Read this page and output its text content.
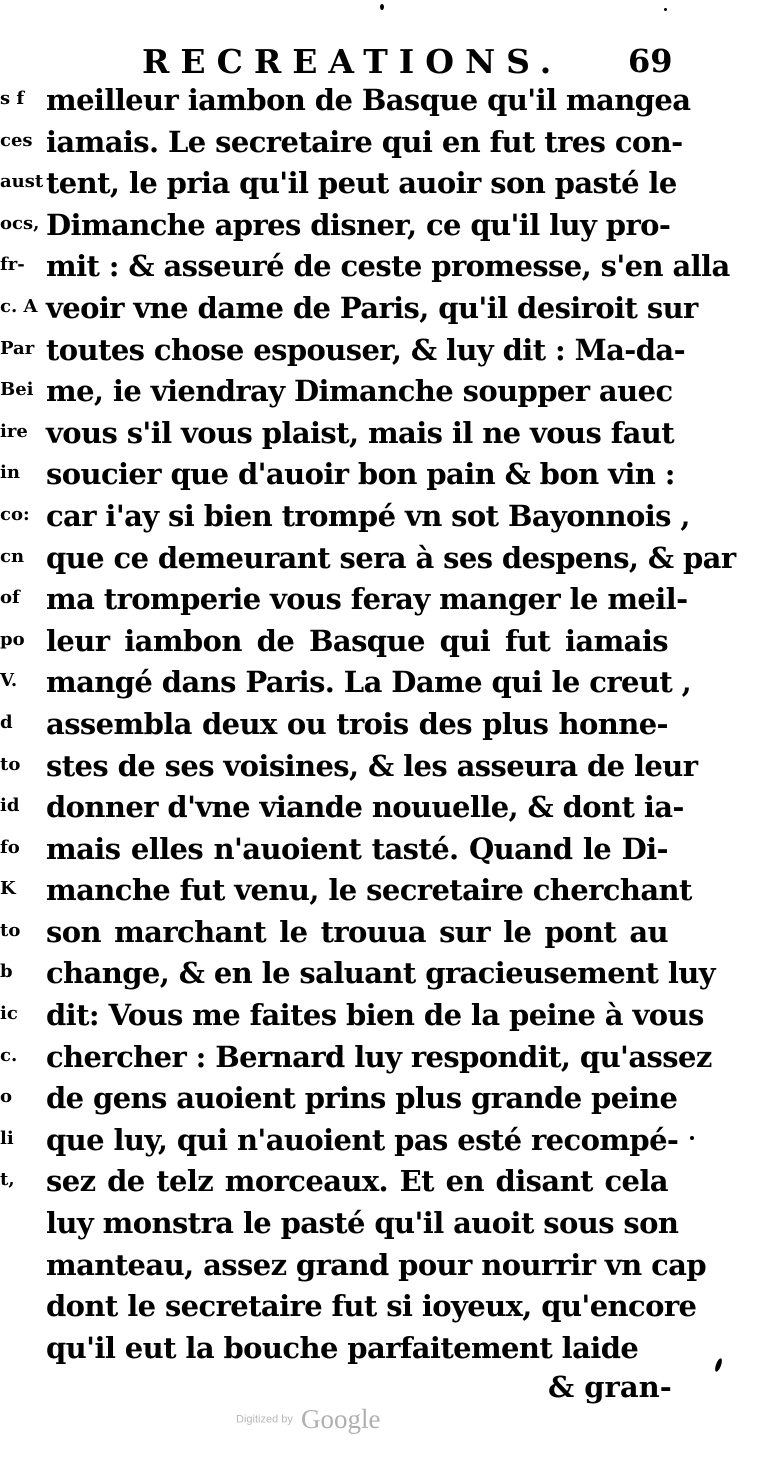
s f
ces
aust
ocs,
fr-
c. A
Par
Bei
ire
in
co:
cn
of
po
V.
d
to
id
fo
K
to
b
ic
c.
o
li
t,
RECREATIONS. 69
meilleur iambon de Basque qu'il mangea
iamais. Le secretaire qui en fut tres con-
tent, le pria qu'il peut auoir son pasté le
Dimanche apres disner, ce qu'il luy pro-
mit : & asseuré de ceste promesse, s'en alla
veoir vne dame de Paris, qu'il desiroit sur
toutes chose espouser, & luy dit : Ma-da-
me, ie viendray Dimanche soupper auec
vous s'il vous plaist, mais il ne vous faut
soucier que d'auoir bon pain & bon vin :
car i'ay si bien trompé vn sot Bayonnois ,
que ce demeurant sera à ses despens, & par
ma tromperie vous feray manger le meil-
leur iambon de Basque qui fut iamais
mangé dans Paris. La Dame qui le creut ,
assembla deux ou trois des plus honne-
stes de ses voisines, & les asseura de leur
donner d'vne viande nouuelle, & dont ia-
mais elles n'auoient tasté. Quand le Di-
manche fut venu, le secretaire cherchant
son marchant le trouua sur le pont au
change, & en le saluant gracieusement luy
dit: Vous me faites bien de la peine à vous
chercher : Bernard luy respondit, qu'assez
de gens auoient prins plus grande peine
que luy, qui n'auoient pas esté recompé-
sez de telz morceaux. Et en disant cela
luy monstra le pasté qu'il auoit sous son
manteau, assez grand pour nourrir vn cap
dont le secretaire fut si ioyeux, qu'encore
qu'il eut la bouche parfaitement laide
& gran-
Digitized by Google
